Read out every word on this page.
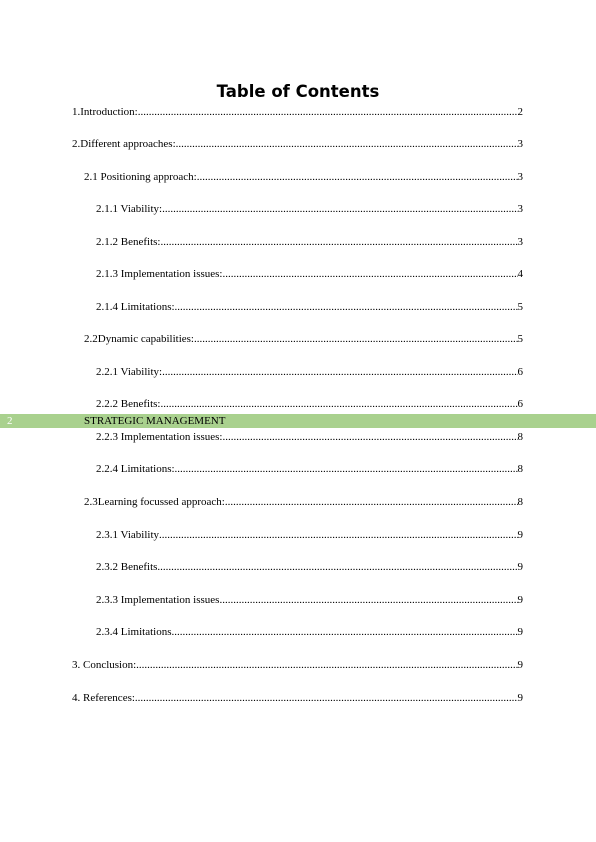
Table of Contents
1.Introduction: .....	2
2.Different approaches: .....	3
2.1 Positioning approach: .....	3
2.1.1 Viability: .....	3
2.1.2 Benefits: .....	3
2.1.3 Implementation issues: .....	4
2.1.4 Limitations: .....	5
2.2Dynamic capabilities: .....	5
2.2.1 Viability: .....	6
2.2.2 Benefits: .....	6
2.2.3 Implementation issues: .....	8
2.2.4 Limitations: .....	8
2.3Learning focussed approach: .....	8
2.3.1 Viability .....	9
2.3.2 Benefits .....	9
2.3.3 Implementation issues .....	9
2.3.4 Limitations .....	9
3. Conclusion: .....	9
4. References: .....	9
2	STRATEGIC MANAGEMENT
